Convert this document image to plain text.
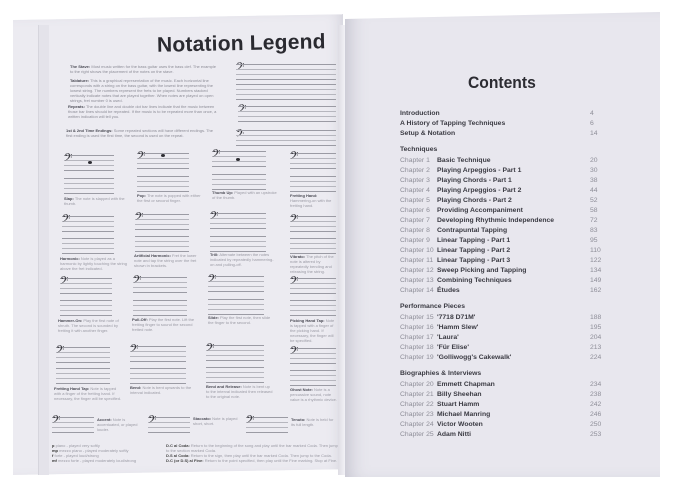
Notation Legend
The Stave: Most music written for the bass guitar uses the bass clef. The example to the right shows the placement of the notes on the stave.
Tablature: This is a graphical representation of the music. Each horizontal line corresponds with a string on the bass guitar, with the lowest line representing the lowest string. The numbers represent the frets to be played. Numbers stacked vertically indicate notes that are played together. When notes are played on open strings, fret number 0 is used.
Repeats: The double line and double dot bar lines indicate that the music between those bar lines should be repeated. If the music is to be repeated more than once, a written indication will tell you.
1st & 2nd Time Endings: Some repeated sections will have different endings. The first ending is used the first time, the second is used on the repeat.
𝄢
𝄢
𝄢
𝄢
Slap: The note is slapped with the thumb.
𝄢
Pop: The note is popped with either the first or second finger.
𝄢
Thumb Up: Played with an upstroke of the thumb.
𝄢
Fretting Hand: Hammering-on with the fretting hand.
𝄢
Harmonic: Note is played as a harmonic by lightly touching the string above the fret indicated.
𝄢
Artificial Harmonic: Fret the lower note and tap the string over the fret shown in brackets.
𝄢
Trill: Alternate between the notes indicated by repeatedly hammering-on and pulling-off.
𝄢
Vibrato: The pitch of the note is altered by repeatedly bending and releasing the string.
𝄢
Hammer-On: Play the first note of shruth. The second is sounded by fretting it with another finger.
𝄢
Pull-Off: Play the first note. Lift the fretting finger to sound the second fretted note.
𝄢
Slide: Play the first note, then slide the finger to the second.
𝄢
Picking Hand Tap: Note is tapped with a finger of the picking hand. If necessary, the finger will be specified.
𝄢
Fretting Hand Tap: Note is tapped with a finger of the fretting hand. If necessary, the finger will be specified.
𝄢
Bend: Note is bent upwards to the interval indicated.
𝄢
Bend and Release: Note is bent up to the interval indicated then released to the original note.
𝄢
Ghost Note: Note is a percussive sound, note value is a rhythmic device.
𝄢	Accent: Note is accentuated, or played louder.
𝄢	Staccato: Note is played short, short.	𝄢	Tenuto: Note is held for its full length.
p piano - played very softly
mp mezzo piano - played moderately softly
f forte - played loud/strong
mf mezzo forte - played moderately loud/strong
D.C al Coda: Return to the beginning of the song and play until the bar marked Coda. Then jump to the section marked Coda.
D.S al Coda: Return to the sign, then play until the bar marked Coda. Then jump to the Coda.
D.C (or D.S) al Fine: Return to the point specified, then play until the Fine marking. Stop at Fine.
Contents
Introduction	4
A History of Tapping Techniques	6
Setup & Notation	14
Techniques
Chapter 1 Basic Technique	20
Chapter 2 Playing Arpeggios - Part 1	30
Chapter 3 Playing Chords - Part 1	38
Chapter 4 Playing Arpeggios - Part 2	44
Chapter 5 Playing Chords - Part 2	52
Chapter 6 Providing Accompaniment	58
Chapter 7 Developing Rhythmic Independence	72
Chapter 8 Contrapuntal Tapping	83
Chapter 9 Linear Tapping - Part 1	95
Chapter 10 Linear Tapping - Part 2	110
Chapter 11 Linear Tapping - Part 3	122
Chapter 12 Sweep Picking and Tapping	134
Chapter 13 Combining Techniques	149
Chapter 14 Études	162
Performance Pieces
Chapter 15 '7718 D71M'	188
Chapter 16 'Hamm Slew'	195
Chapter 17 'Laura'	204
Chapter 18 'Für Elise'	213
Chapter 19 'Golliwogg's Cakewalk'	224
Biographies & Interviews
Chapter 20 Emmett Chapman	234
Chapter 21 Billy Sheehan	238
Chapter 22 Stuart Hamm	242
Chapter 23 Michael Manring	246
Chapter 24 Victor Wooten	250
Chapter 25 Adam Nitti	253
